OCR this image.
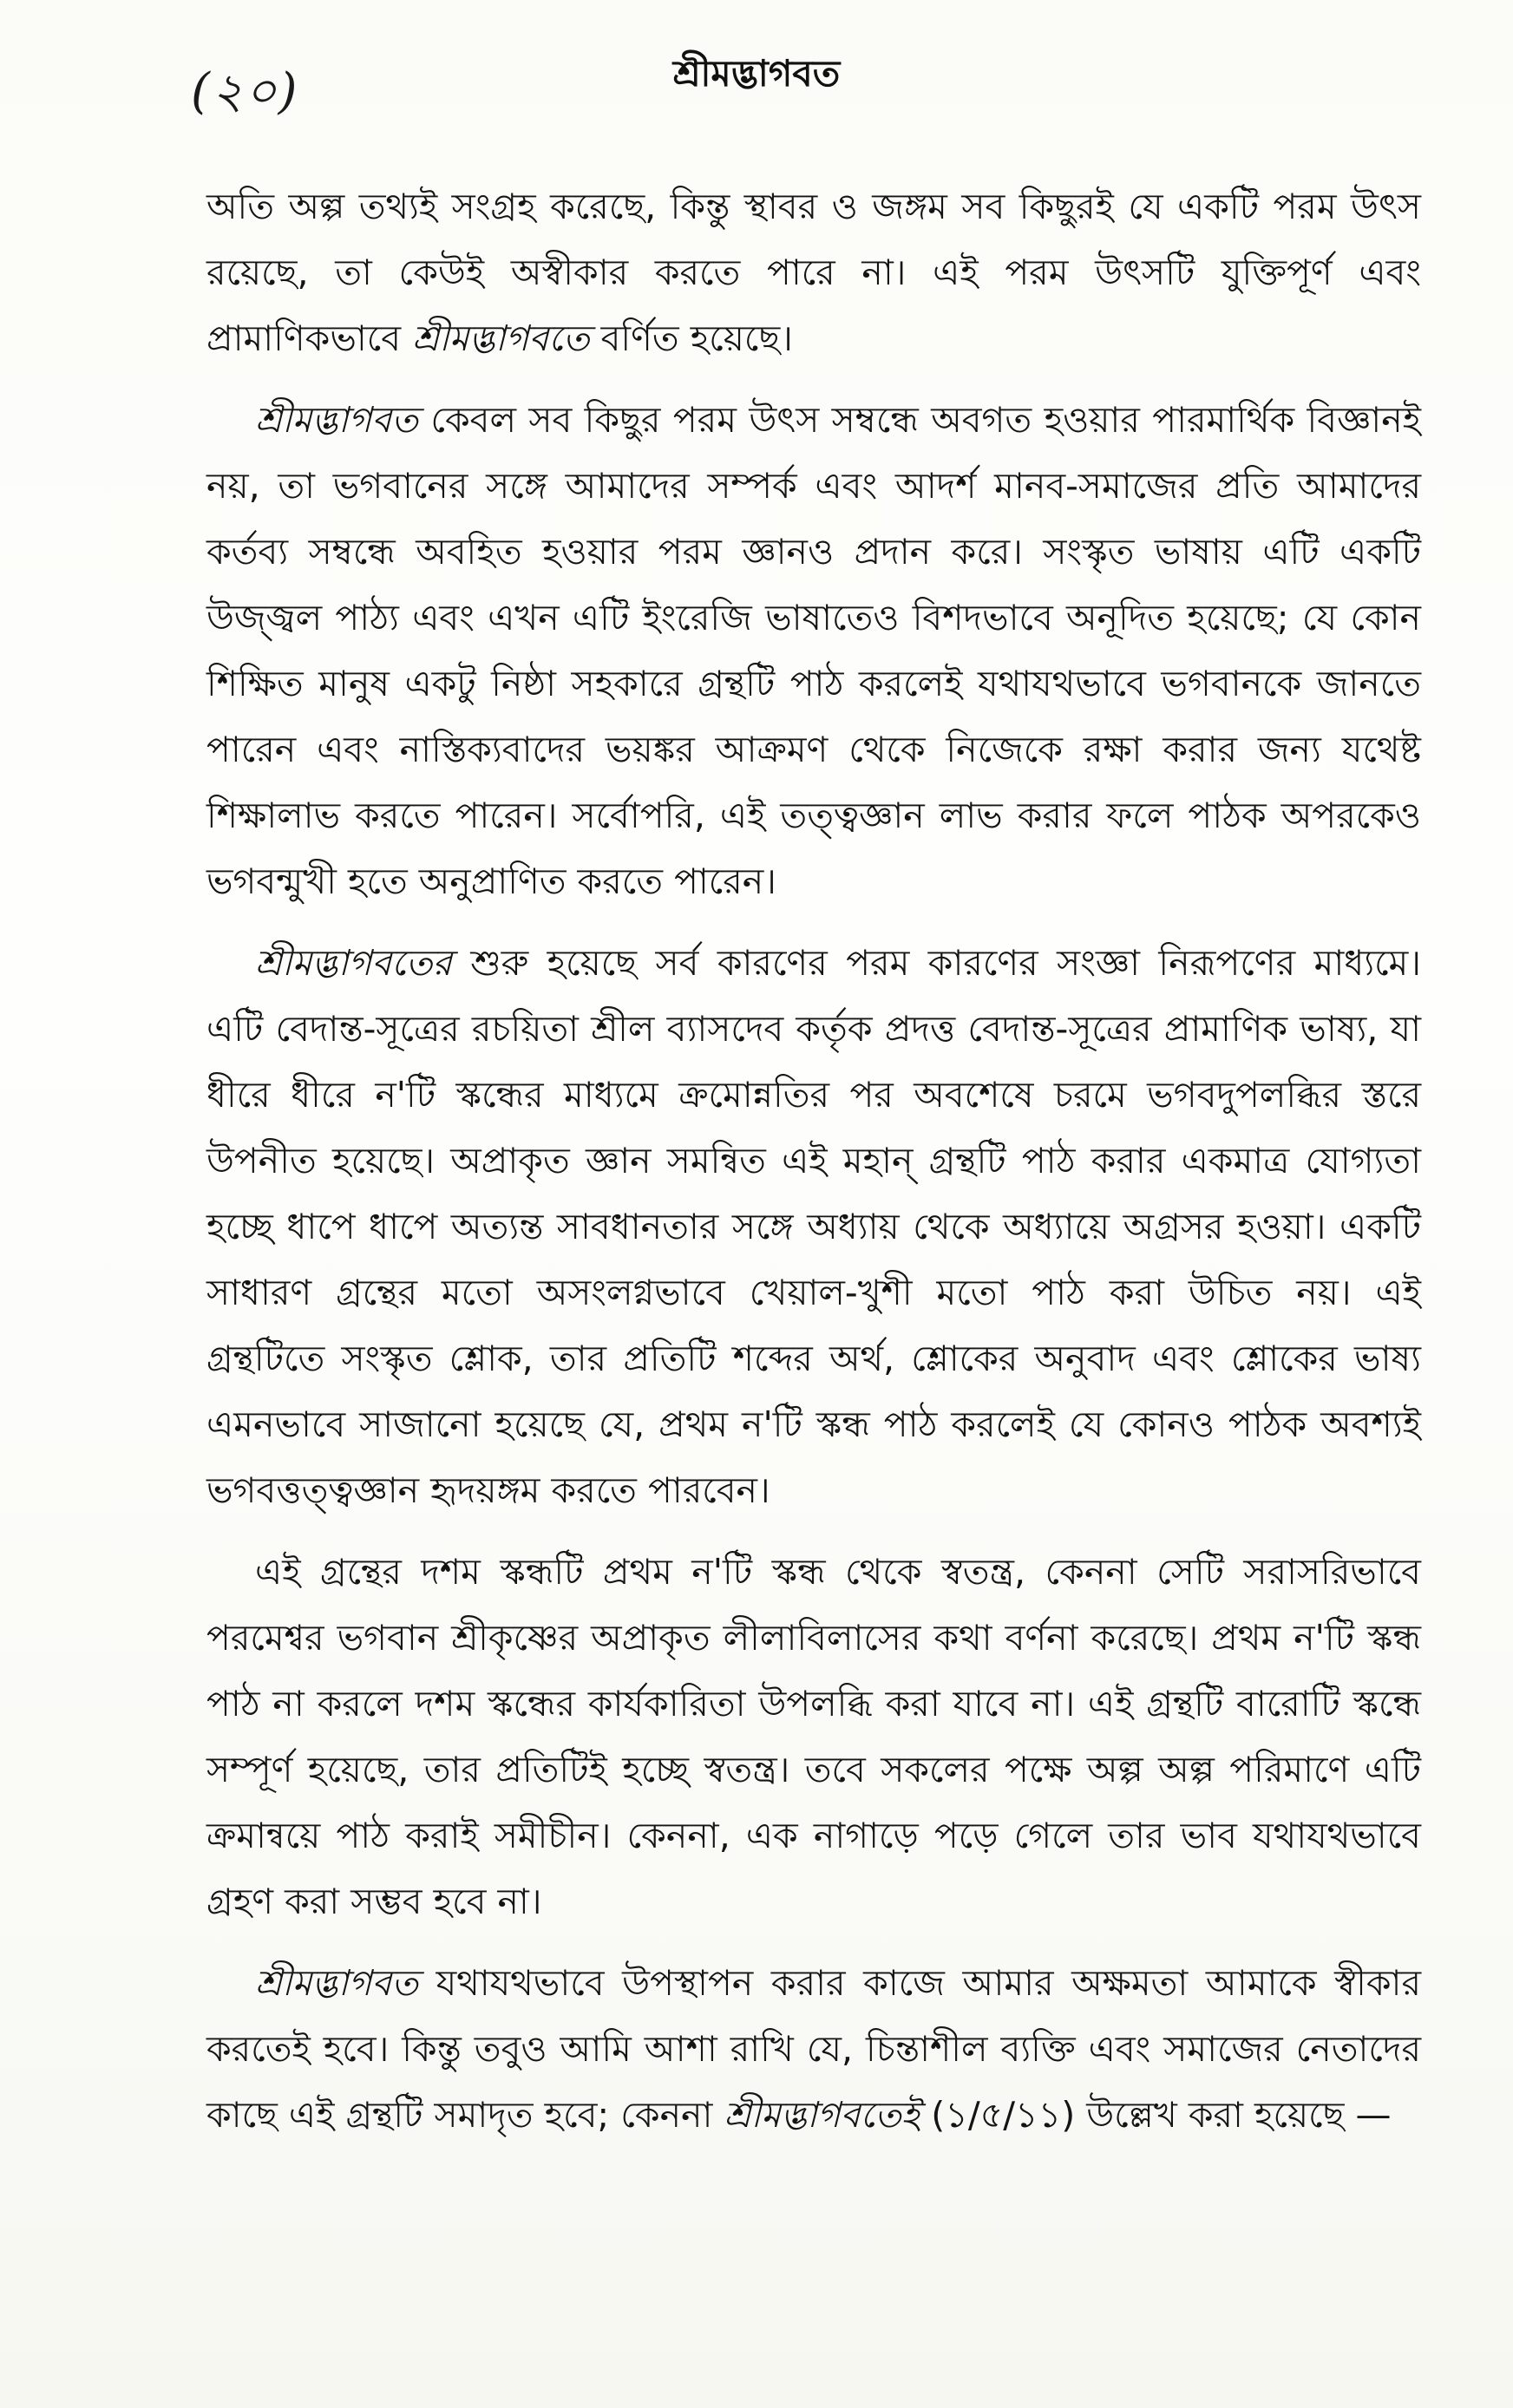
(২০)	শ্রীমদ্ভাগবত

অতি অল্প তথ্যই সংগ্রহ করেছে, কিন্তু স্থাবর ও জঙ্গম সব কিছুরই যে একটি পরম উৎস রয়েছে, তা কেউই অস্বীকার করতে পারে না। এই পরম উৎসটি যুক্তিপূর্ণ এবং প্রামাণিকভাবে শ্রীমদ্ভাগবতে বর্ণিত হয়েছে।

শ্রীমদ্ভাগবত কেবল সব কিছুর পরম উৎস সম্বন্ধে অবগত হওয়ার পারমার্থিক বিজ্ঞানই নয়, তা ভগবানের সঙ্গে আমাদের সম্পর্ক এবং আদর্শ মানব-সমাজের প্রতি আমাদের কর্তব্য সম্বন্ধে অবহিত হওয়ার পরম জ্ঞানও প্রদান করে। সংস্কৃত ভাষায় এটি একটি উজ্জ্বল পাঠ্য এবং এখন এটি ইংরেজি ভাষাতেও বিশদভাবে অনূদিত হয়েছে; যে কোন শিক্ষিত মানুষ একটু নিষ্ঠা সহকারে গ্রন্থটি পাঠ করলেই যথাযথভাবে ভগবানকে জানতে পারেন এবং নাস্তিক্যবাদের ভয়ঙ্কর আক্রমণ থেকে নিজেকে রক্ষা করার জন্য যথেষ্ট শিক্ষালাভ করতে পারেন। সর্বোপরি, এই তত্ত্বজ্ঞান লাভ করার ফলে পাঠক অপরকেও ভগবন্মুখী হতে অনুপ্রাণিত করতে পারেন।

শ্রীমদ্ভাগবতের শুরু হয়েছে সর্ব কারণের পরম কারণের সংজ্ঞা নিরূপণের মাধ্যমে। এটি বেদান্ত-সূত্রের রচয়িতা শ্রীল ব্যাসদেব কর্তৃক প্রদত্ত বেদান্ত-সূত্রের প্রামাণিক ভাষ্য, যা ধীরে ধীরে ন'টি স্কন্ধের মাধ্যমে ক্রমোন্নতির পর অবশেষে চরমে ভগবদুপলব্ধির স্তরে উপনীত হয়েছে। অপ্রাকৃত জ্ঞান সমন্বিত এই মহান্ গ্রন্থটি পাঠ করার একমাত্র যোগ্যতা হচ্ছে ধাপে ধাপে অত্যন্ত সাবধানতার সঙ্গে অধ্যায় থেকে অধ্যায়ে অগ্রসর হওয়া। একটি সাধারণ গ্রন্থের মতো অসংলগ্নভাবে খেয়াল-খুশী মতো পাঠ করা উচিত নয়। এই গ্রন্থটিতে সংস্কৃত শ্লোক, তার প্রতিটি শব্দের অর্থ, শ্লোকের অনুবাদ এবং শ্লোকের ভাষ্য এমনভাবে সাজানো হয়েছে যে, প্রথম ন'টি স্কন্ধ পাঠ করলেই যে কোনও পাঠক অবশ্যই ভগবত্তত্ত্বজ্ঞান হৃদয়ঙ্গম করতে পারবেন।

এই গ্রন্থের দশম স্কন্ধটি প্রথম ন'টি স্কন্ধ থেকে স্বতন্ত্র, কেননা সেটি সরাসরিভাবে পরমেশ্বর ভগবান শ্রীকৃষ্ণের অপ্রাকৃত লীলাবিলাসের কথা বর্ণনা করেছে। প্রথম ন'টি স্কন্ধ পাঠ না করলে দশম স্কন্ধের কার্যকারিতা উপলব্ধি করা যাবে না। এই গ্রন্থটি বারোটি স্কন্ধে সম্পূর্ণ হয়েছে, তার প্রতিটিই হচ্ছে স্বতন্ত্র। তবে সকলের পক্ষে অল্প অল্প পরিমাণে এটি ক্রমান্বয়ে পাঠ করাই সমীচীন। কেননা, এক নাগাড়ে পড়ে গেলে তার ভাব যথাযথভাবে গ্রহণ করা সম্ভব হবে না।

শ্রীমদ্ভাগবত যথাযথভাবে উপস্থাপন করার কাজে আমার অক্ষমতা আমাকে স্বীকার করতেই হবে। কিন্তু তবুও আমি আশা রাখি যে, চিন্তাশীল ব্যক্তি এবং সমাজের নেতাদের কাছে এই গ্রন্থটি সমাদৃত হবে; কেননা শ্রীমদ্ভাগবতেই (১/৫/১১) উল্লেখ করা হয়েছে —
